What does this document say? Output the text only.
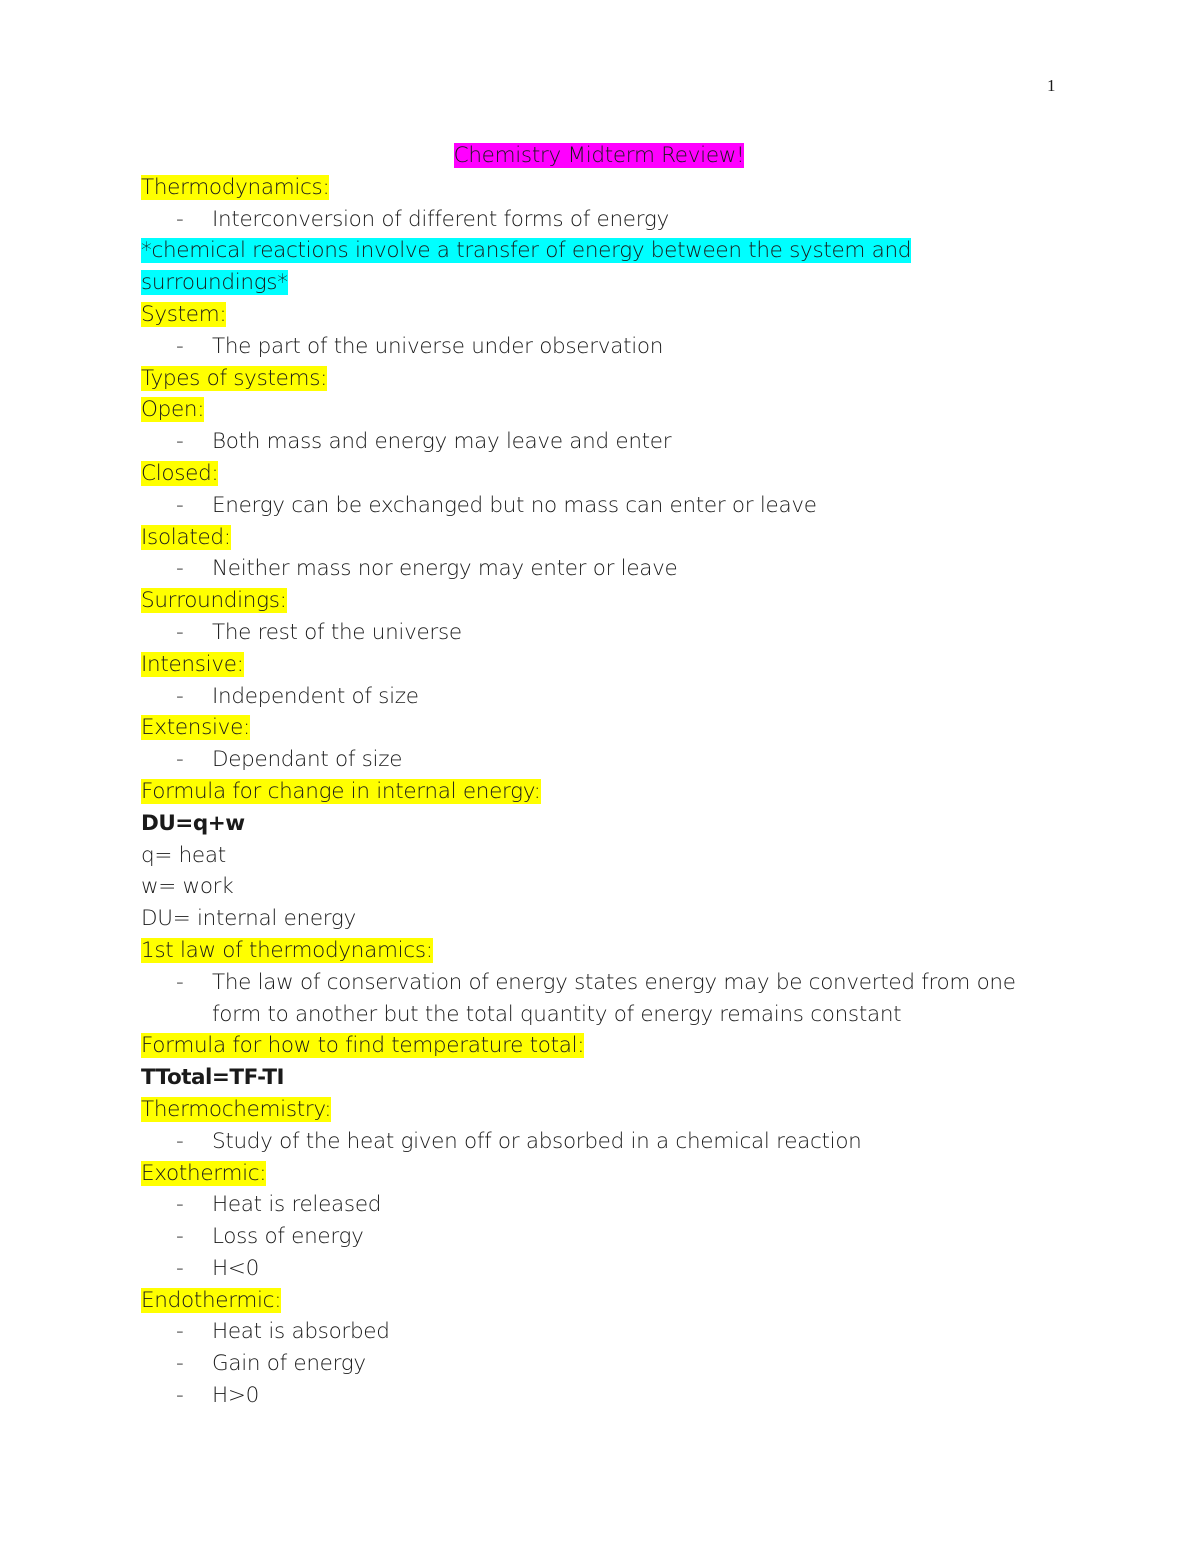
1
Chemistry Midterm Review!
Thermodynamics:
-	Interconversion of different forms of energy
*chemical reactions involve a transfer of energy between the system and
surroundings*
System:
-	The part of the universe under observation
Types of systems:
Open:
-	Both mass and energy may leave and enter
Closed:
-	Energy can be exchanged but no mass can enter or leave
Isolated:
-	Neither mass nor energy may enter or leave
Surroundings:
-	The rest of the universe
Intensive:
-	Independent of size
Extensive:
-	Dependant of size
Formula for change in internal energy:
DU=q+w
q= heat
w= work
DU= internal energy
1st law of thermodynamics:
-	The law of conservation of energy states energy may be converted from one form to another but the total quantity of energy remains constant
Formula for how to find temperature total:
TTotal=TF-TI
Thermochemistry:
-	Study of the heat given off or absorbed in a chemical reaction
Exothermic:
-	Heat is released
-	Loss of energy
-	H<0
Endothermic:
-	Heat is absorbed
-	Gain of energy
-	H>0
